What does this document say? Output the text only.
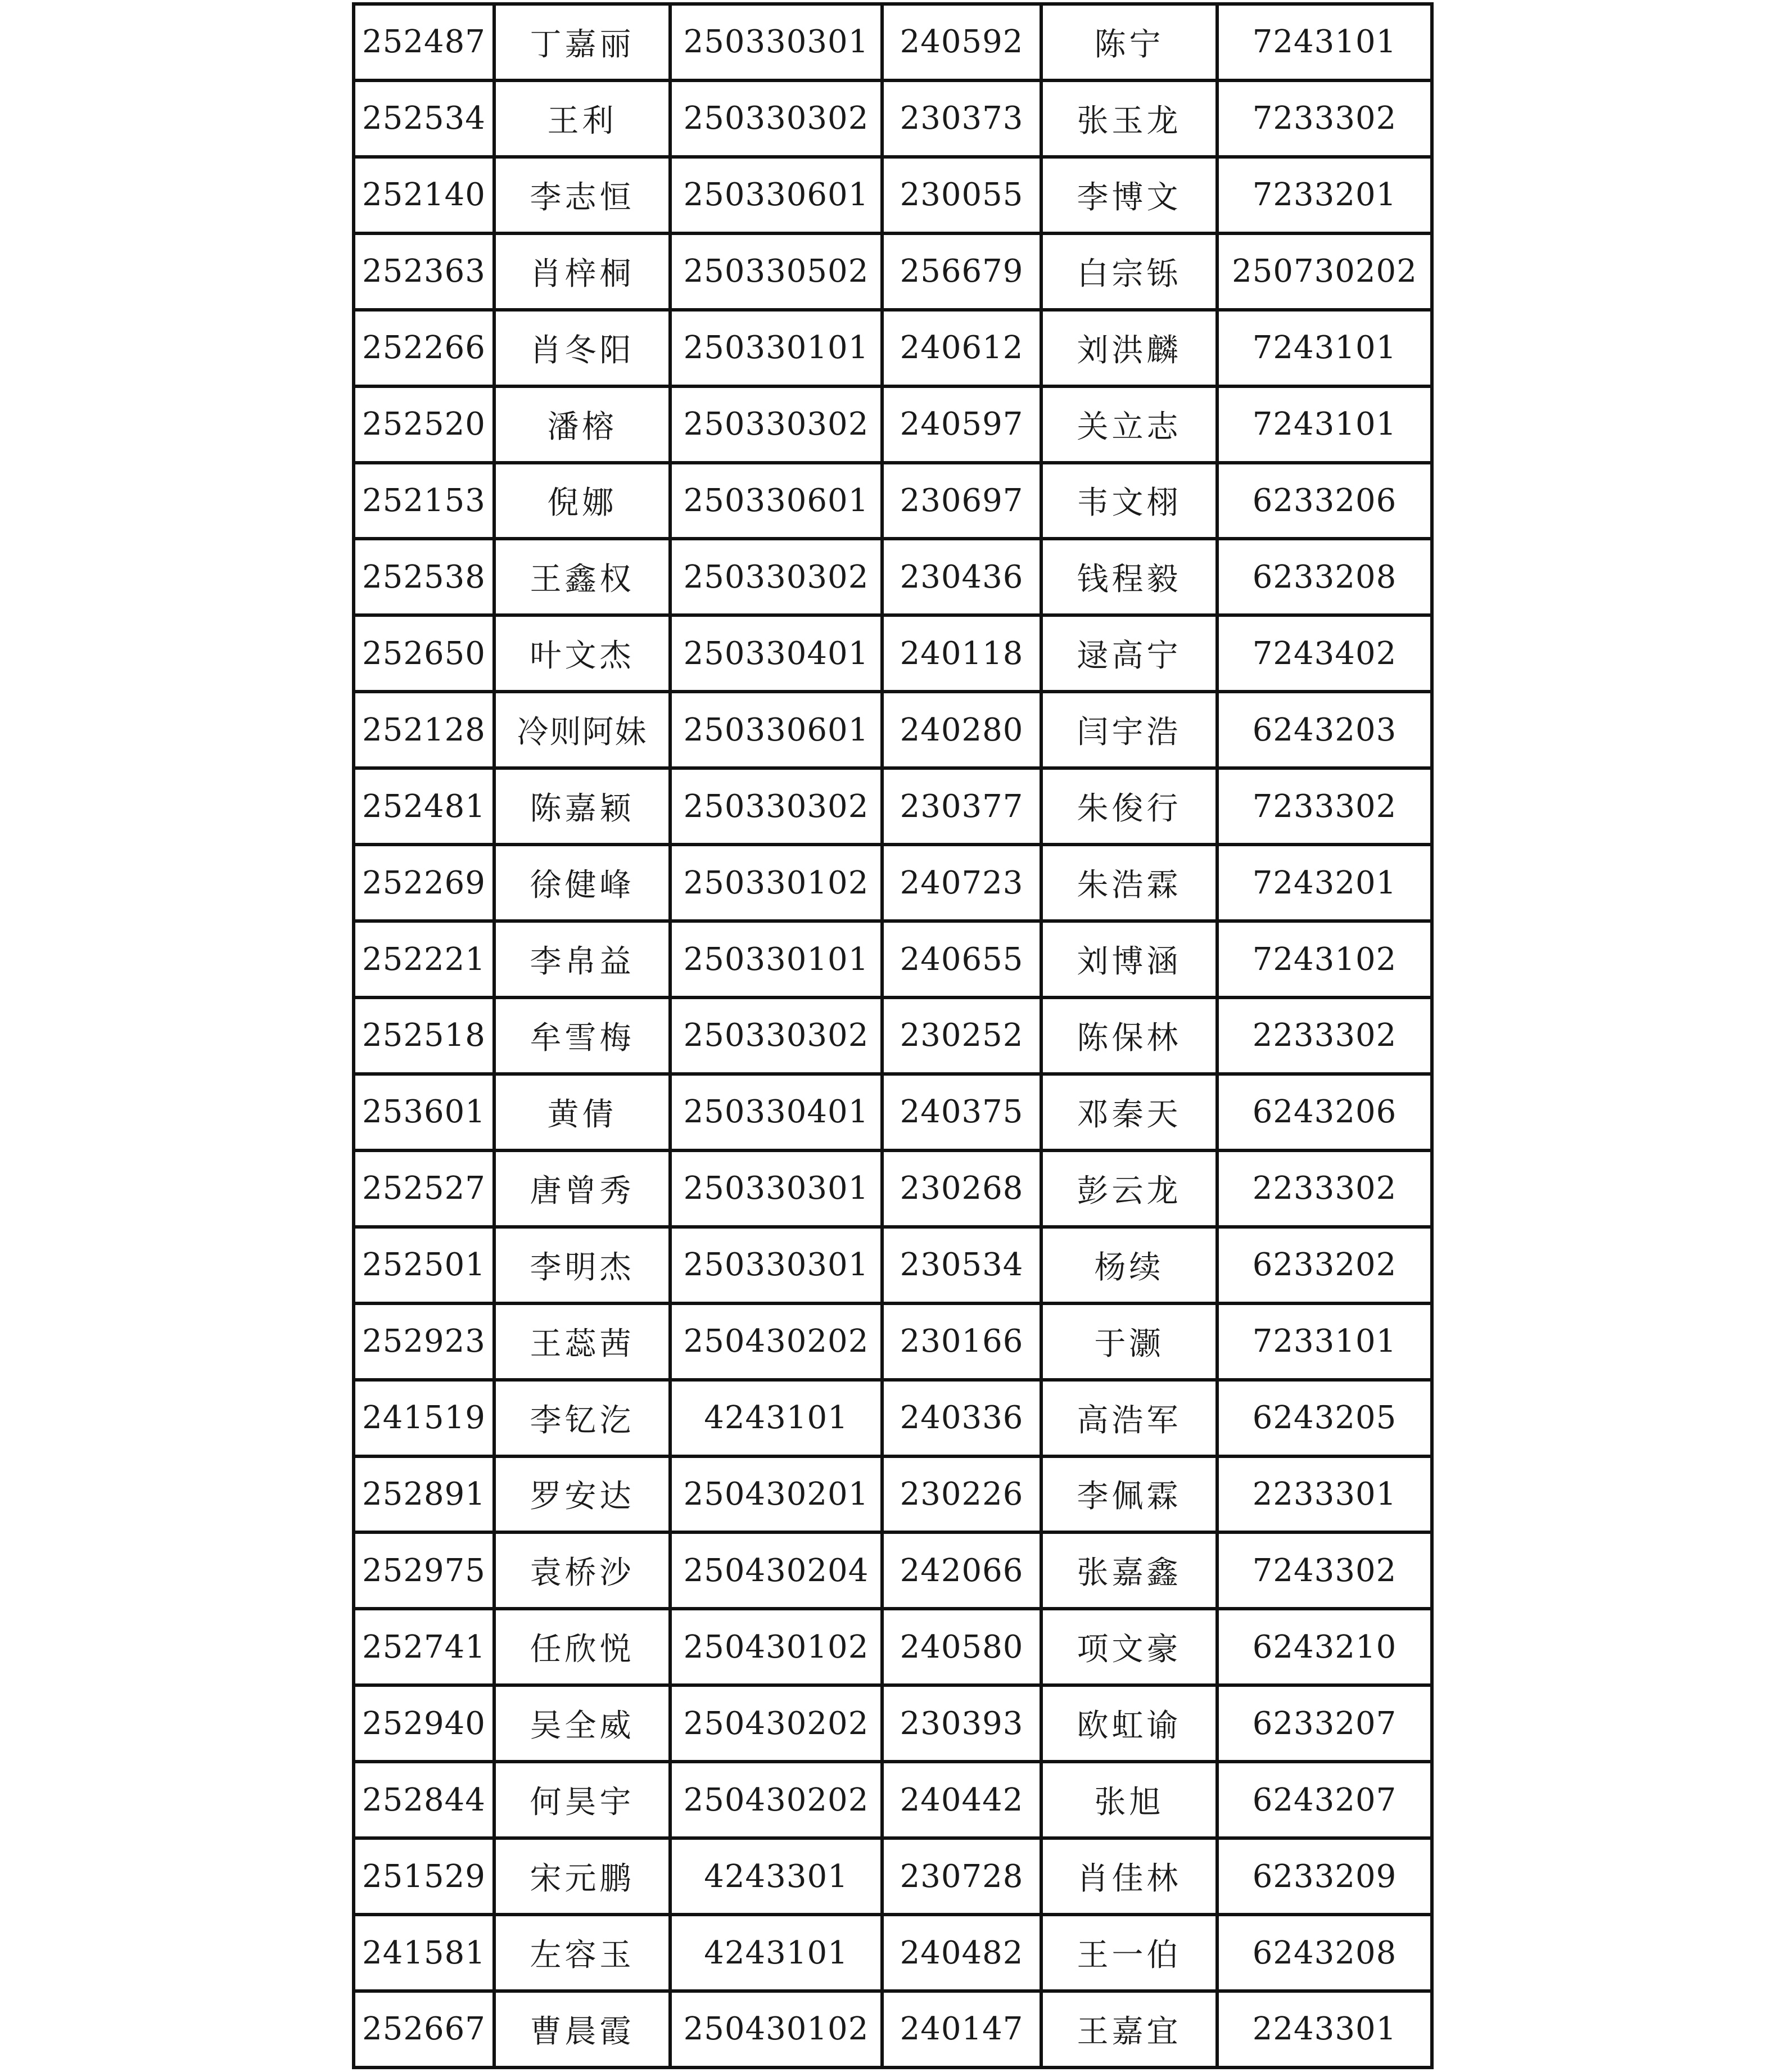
252487	丁嘉丽	250330301	240592	陈宁	7243101
252534	王利	250330302	230373	张玉龙	7233302
252140	李志恒	250330601	230055	李博文	7233201
252363	肖梓桐	250330502	256679	白宗铄	250730202
252266	肖冬阳	250330101	240612	刘洪麟	7243101
252520	潘榕	250330302	240597	关立志	7243101
252153	倪娜	250330601	230697	韦文栩	6233206
252538	王鑫权	250330302	230436	钱程毅	6233208
252650	叶文杰	250330401	240118	逯高宁	7243402
252128	冷则阿妹	250330601	240280	闫宇浩	6243203
252481	陈嘉颖	250330302	230377	朱俊行	7233302
252269	徐健峰	250330102	240723	朱浩霖	7243201
252221	李帛益	250330101	240655	刘博涵	7243102
252518	牟雪梅	250330302	230252	陈保林	2233302
253601	黄倩	250330401	240375	邓秦天	6243206
252527	唐曾秀	250330301	230268	彭云龙	2233302
252501	李明杰	250330301	230534	杨续	6233202
252923	王蕊茜	250430202	230166	于灏	7233101
241519	李钇汔	4243101	240336	高浩军	6243205
252891	罗安达	250430201	230226	李佩霖	2233301
252975	袁桥沙	250430204	242066	张嘉鑫	7243302
252741	任欣悦	250430102	240580	项文豪	6243210
252940	吴全威	250430202	230393	欧虹谕	6233207
252844	何昊宇	250430202	240442	张旭	6243207
251529	宋元鹏	4243301	230728	肖佳林	6233209
241581	左容玉	4243101	240482	王一伯	6243208
252667	曹晨霞	250430102	240147	王嘉宜	2243301
